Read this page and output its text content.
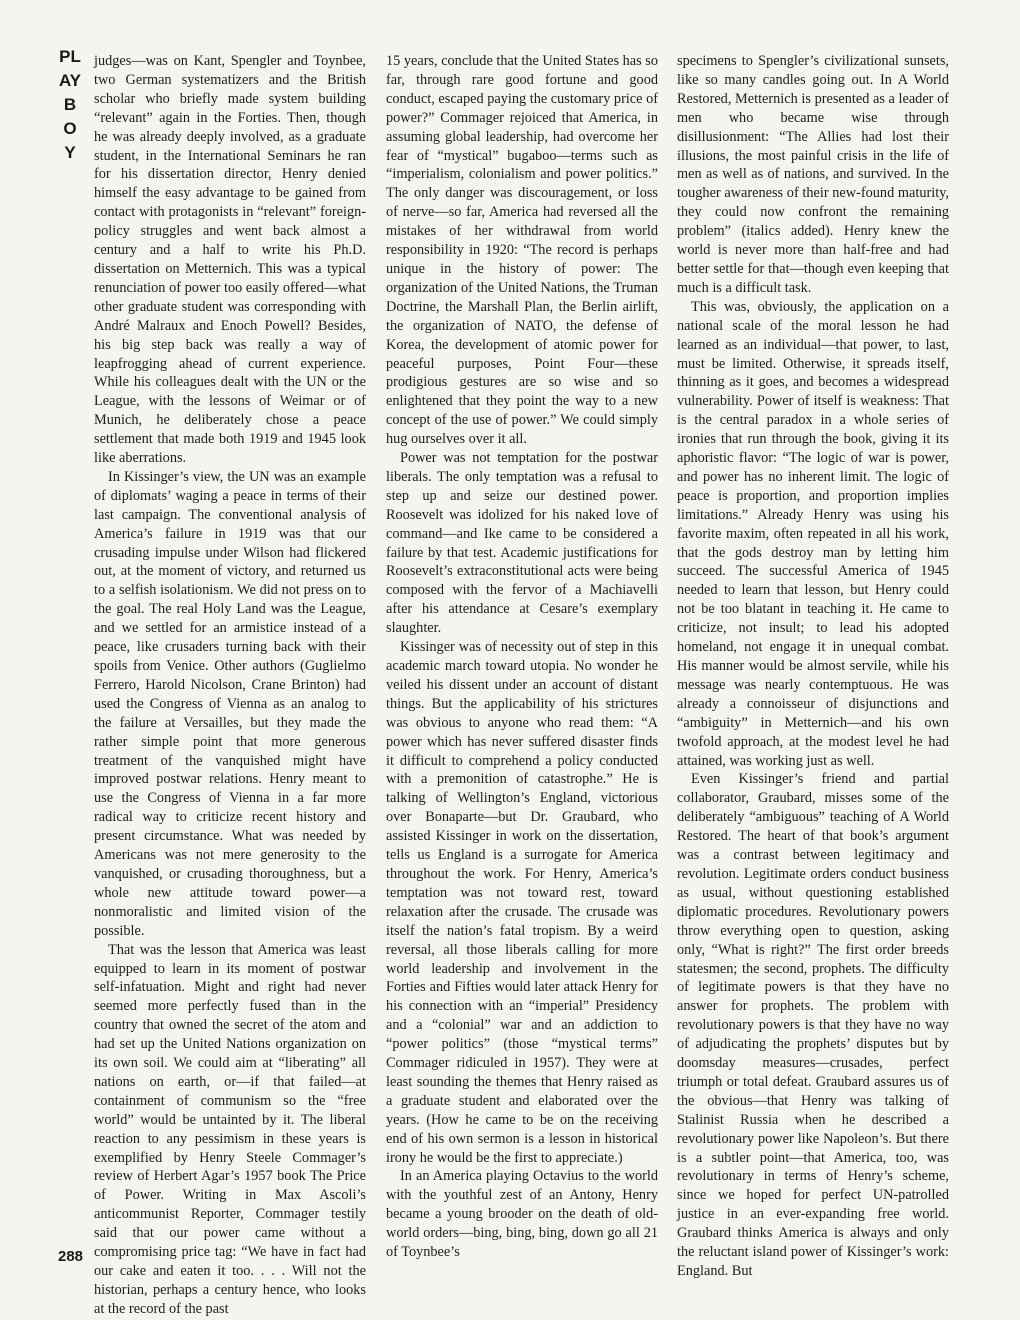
PLAYBOY
288

judges—was on Kant, Spengler and Toynbee, two German systematizers and the British scholar who briefly made system building “relevant” again in the Forties. Then, though he was already deeply involved, as a graduate student, in the International Seminars he ran for his dissertation director, Henry denied himself the easy advantage to be gained from contact with protagonists in “relevant” foreign-policy struggles and went back almost a century and a half to write his Ph.D. dissertation on Metternich. This was a typical renunciation of power too easily offered—what other graduate student was corresponding with André Malraux and Enoch Powell? Besides, his big step back was really a way of leapfrogging ahead of current experience. While his colleagues dealt with the UN or the League, with the lessons of Weimar or of Munich, he deliberately chose a peace settlement that made both 1919 and 1945 look like aberrations.

In Kissinger’s view, the UN was an example of diplomats’ waging a peace in terms of their last campaign. The conventional analysis of America’s failure in 1919 was that our crusading impulse under Wilson had flickered out, at the moment of victory, and returned us to a selfish isolationism. We did not press on to the goal. The real Holy Land was the League, and we settled for an armistice instead of a peace, like crusaders turning back with their spoils from Venice. Other authors (Guglielmo Ferrero, Harold Nicolson, Crane Brinton) had used the Congress of Vienna as an analog to the failure at Versailles, but they made the rather simple point that more generous treatment of the vanquished might have improved postwar relations. Henry meant to use the Congress of Vienna in a far more radical way to criticize recent history and present circumstance. What was needed by Americans was not mere generosity to the vanquished, or crusading thoroughness, but a whole new attitude toward power—a nonmoralistic and limited vision of the possible.

That was the lesson that America was least equipped to learn in its moment of postwar self-infatuation. Might and right had never seemed more perfectly fused than in the country that owned the secret of the atom and had set up the United Nations organization on its own soil. We could aim at “liberating” all nations on earth, or—if that failed—at containment of communism so the “free world” would be untainted by it. The liberal reaction to any pessimism in these years is exemplified by Henry Steele Commager’s review of Herbert Agar’s 1957 book The Price of Power. Writing in Max Ascoli’s anticommunist Reporter, Commager testily said that our power came without a compromising price tag: “We have in fact had our cake and eaten it too. . . . Will not the historian, perhaps a century hence, who looks at the record of the past

15 years, conclude that the United States has so far, through rare good fortune and good conduct, escaped paying the customary price of power?” Commager rejoiced that America, in assuming global leadership, had overcome her fear of “mystical” bugaboo—terms such as “imperialism, colonialism and power politics.” The only danger was discouragement, or loss of nerve—so far, America had reversed all the mistakes of her withdrawal from world responsibility in 1920: “The record is perhaps unique in the history of power: The organization of the United Nations, the Truman Doctrine, the Marshall Plan, the Berlin airlift, the organization of NATO, the defense of Korea, the development of atomic power for peaceful purposes, Point Four—these prodigious gestures are so wise and so enlightened that they point the way to a new concept of the use of power.” We could simply hug ourselves over it all.

Power was not temptation for the postwar liberals. The only temptation was a refusal to step up and seize our destined power. Roosevelt was idolized for his naked love of command—and Ike came to be considered a failure by that test. Academic justifications for Roosevelt’s extraconstitutional acts were being composed with the fervor of a Machiavelli after his attendance at Cesare’s exemplary slaughter.

Kissinger was of necessity out of step in this academic march toward utopia. No wonder he veiled his dissent under an account of distant things. But the applicability of his strictures was obvious to anyone who read them: “A power which has never suffered disaster finds it difficult to comprehend a policy conducted with a premonition of catastrophe.” He is talking of Wellington’s England, victorious over Bonaparte—but Dr. Graubard, who assisted Kissinger in work on the dissertation, tells us England is a surrogate for America throughout the work. For Henry, America’s temptation was not toward rest, toward relaxation after the crusade. The crusade was itself the nation’s fatal tropism. By a weird reversal, all those liberals calling for more world leadership and involvement in the Forties and Fifties would later attack Henry for his connection with an “imperial” Presidency and a “colonial” war and an addiction to “power politics” (those “mystical terms” Commager ridiculed in 1957). They were at least sounding the themes that Henry raised as a graduate student and elaborated over the years. (How he came to be on the receiving end of his own sermon is a lesson in historical irony he would be the first to appreciate.)

In an America playing Octavius to the world with the youthful zest of an Antony, Henry became a young brooder on the death of old-world orders—bing, bing, bing, down go all 21 of Toynbee’s

specimens to Spengler’s civilizational sunsets, like so many candles going out. In A World Restored, Metternich is presented as a leader of men who became wise through disillusionment: “The Allies had lost their illusions, the most painful crisis in the life of men as well as of nations, and survived. In the tougher awareness of their new-found maturity, they could now confront the remaining problem” (italics added). Henry knew the world is never more than half-free and had better settle for that—though even keeping that much is a difficult task.

This was, obviously, the application on a national scale of the moral lesson he had learned as an individual—that power, to last, must be limited. Otherwise, it spreads itself, thinning as it goes, and becomes a widespread vulnerability. Power of itself is weakness: That is the central paradox in a whole series of ironies that run through the book, giving it its aphoristic flavor: “The logic of war is power, and power has no inherent limit. The logic of peace is proportion, and proportion implies limitations.” Already Henry was using his favorite maxim, often repeated in all his work, that the gods destroy man by letting him succeed. The successful America of 1945 needed to learn that lesson, but Henry could not be too blatant in teaching it. He came to criticize, not insult; to lead his adopted homeland, not engage it in unequal combat. His manner would be almost servile, while his message was nearly contemptuous. He was already a connoisseur of disjunctions and “ambiguity” in Metternich—and his own twofold approach, at the modest level he had attained, was working just as well.

Even Kissinger’s friend and partial collaborator, Graubard, misses some of the deliberately “ambiguous” teaching of A World Restored. The heart of that book’s argument was a contrast between legitimacy and revolution. Legitimate orders conduct business as usual, without questioning established diplomatic procedures. Revolutionary powers throw everything open to question, asking only, “What is right?” The first order breeds statesmen; the second, prophets. The difficulty of legitimate powers is that they have no answer for prophets. The problem with revolutionary powers is that they have no way of adjudicating the prophets’ disputes but by doomsday measures—crusades, perfect triumph or total defeat. Graubard assures us of the obvious—that Henry was talking of Stalinist Russia when he described a revolutionary power like Napoleon’s. But there is a subtler point—that America, too, was revolutionary in terms of Henry’s scheme, since we hoped for perfect UN-patrolled justice in an ever-expanding free world. Graubard thinks America is always and only the reluctant island power of Kissinger’s work: England. But
